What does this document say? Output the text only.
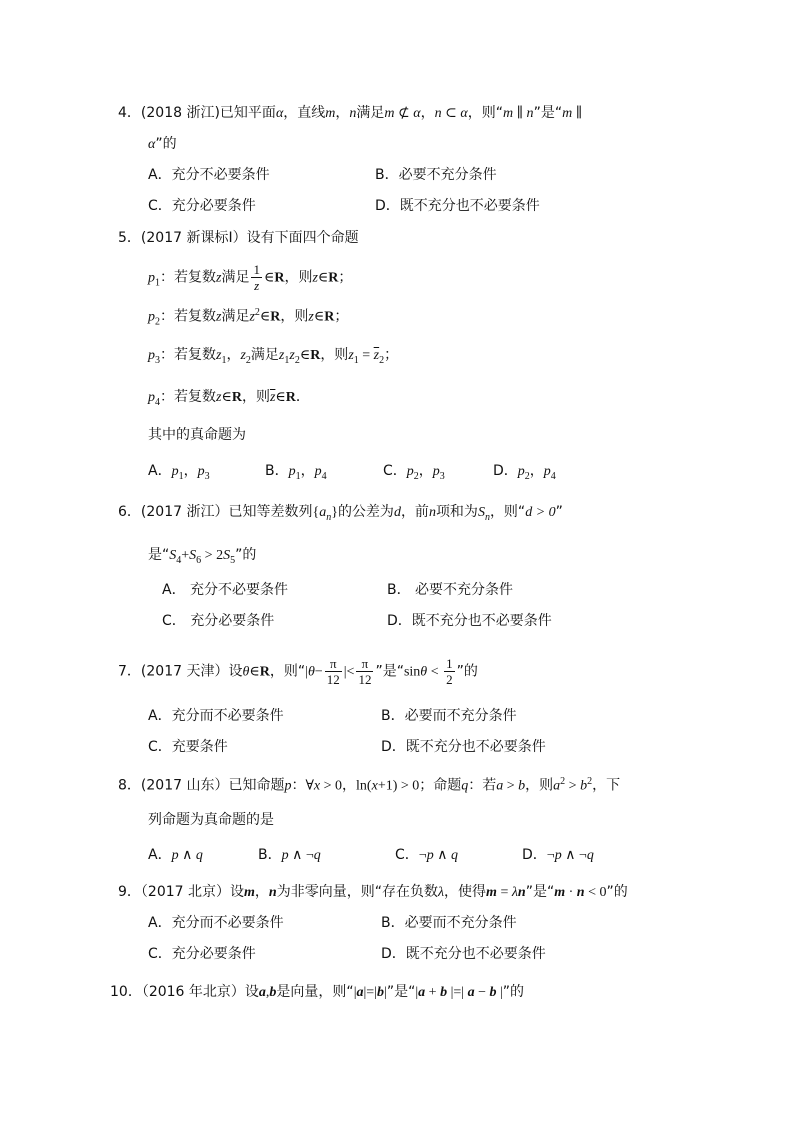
4．(2018 浙江)已知平面α，直线m，n满足m ⊄ α，n ⊂ α，则“m ∥ n”是“m ∥
α”的
A．充分不必要条件	B．必要不充分条件
C．充分必要条件	D．既不充分也不必要条件
5．(2017 新课标Ⅰ）设有下面四个命题
$p_1$：若复数z满足 $\frac{1}{z}$ ∈R，则z∈R；
$p_2$：若复数z满足$z^2\in R$，则z∈R；
$p_3$：若复数$z_1$，$z_2$满足$z_1z_2\in R$，则$z_1 = \overline{z}_2$；
$p_4$：若复数z∈R，则$\overline{z}\in R$．
其中的真命题为
A．$p_1$，$p_3$	B．$p_1$，$p_4$	C．$p_2$，$p_3$	D．$p_2$，$p_4$
6．(2017 浙江）已知等差数列$\{a_n\}$的公差为d，前n项和为$S_n$，则“d > 0”
是“$S_4+S_6 > 2S_5$”的
A． 充分不必要条件	B． 必要不充分条件
C． 充分必要条件	D．既不充分也不必要条件
7．(2017 天津）设θ∈R，则“$|\theta- \frac{\pi}{12}$ |< $\frac{\pi}{12}$ ”是“$\sin\theta < \frac{1}{2}$ ”的
A．充分而不必要条件	B．必要而不充分条件
C．充要条件	D．既不充分也不必要条件
8．(2017 山东）已知命题p：∀x > 0，ln(x+1) > 0；命题q：若a > b，则$a^2 > b^2$，下
列命题为真命题的是
A．p ∧ q	B．p ∧ ¬q	C．¬p ∧ q	D．¬p ∧ ¬q
9．（2017 北京）设m，n为非零向量，则“存在负数λ，使得m = λn”是“m · n < 0”的
A．充分而不必要条件	B．必要而不充分条件
C．充分必要条件	D．既不充分也不必要条件
10．（2016 年北京）设a,b是向量，则“|a|=|b|”是“|a + b |=| a − b |”的
